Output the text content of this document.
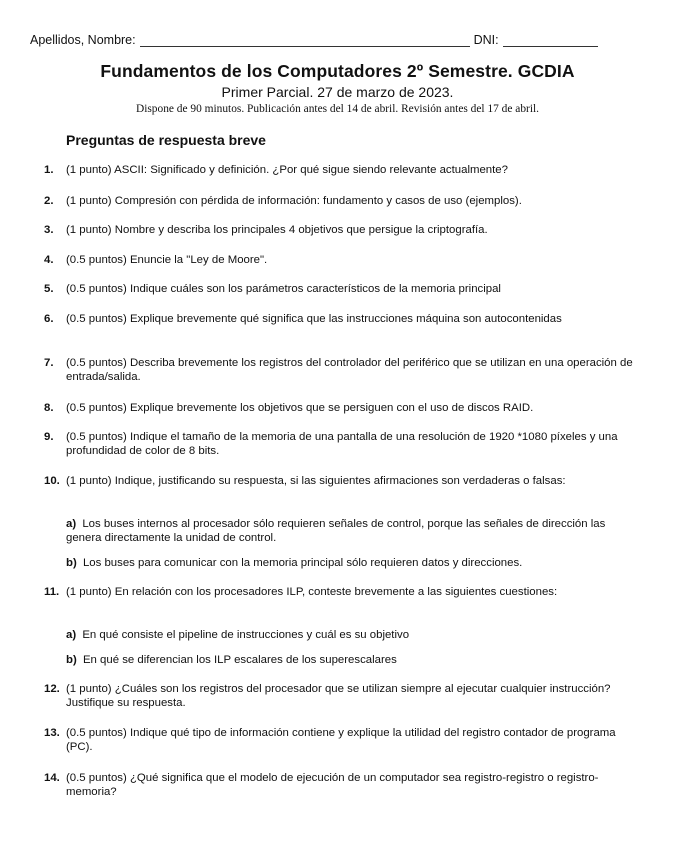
Apellidos, Nombre:	DNI:
Fundamentos de los Computadores 2º Semestre. GCDIA
Primer Parcial. 27 de marzo de 2023.
Dispone de 90 minutos. Publicación antes del 14 de abril. Revisión antes del 17 de abril.
Preguntas de respuesta breve
1.	(1 punto) ASCII: Significado y definición. ¿Por qué sigue siendo relevante actualmente?
2.	(1 punto) Compresión con pérdida de información: fundamento y casos de uso (ejemplos).
3.	(1 punto) Nombre y describa los principales 4 objetivos que persigue la criptografía.
4.	(0.5 puntos) Enuncie la "Ley de Moore".
5.	(0.5 puntos) Indique cuáles son los parámetros característicos de la memoria principal
6.	(0.5 puntos) Explique brevemente qué significa que las instrucciones máquina son autocontenidas
7.	(0.5 puntos) Describa brevemente los registros del controlador del periférico que se utilizan en una operación de entrada/salida.
8.	(0.5 puntos) Explique brevemente los objetivos que se persiguen con el uso de discos RAID.
9.	(0.5 puntos) Indique el tamaño de la memoria de una pantalla de una resolución de 1920 *1080 píxeles y una profundidad de color de 8 bits.
10. (1 punto) Indique, justificando su respuesta, si las siguientes afirmaciones son verdaderas o falsas:
a) Los buses internos al procesador sólo requieren señales de control, porque las señales de dirección las genera directamente la unidad de control.
b) Los buses para comunicar con la memoria principal sólo requieren datos y direcciones.
11. (1 punto) En relación con los procesadores ILP, conteste brevemente a las siguientes cuestiones:
a) En qué consiste el pipeline de instrucciones y cuál es su objetivo
b) En qué se diferencian los ILP escalares de los superescalares
12. (1 punto) ¿Cuáles son los registros del procesador que se utilizan siempre al ejecutar cualquier instrucción? Justifique su respuesta.
13. (0.5 puntos) Indique qué tipo de información contiene y explique la utilidad del registro contador de programa (PC).
14. (0.5 puntos) ¿Qué significa que el modelo de ejecución de un computador sea registro-registro o registro-memoria?
